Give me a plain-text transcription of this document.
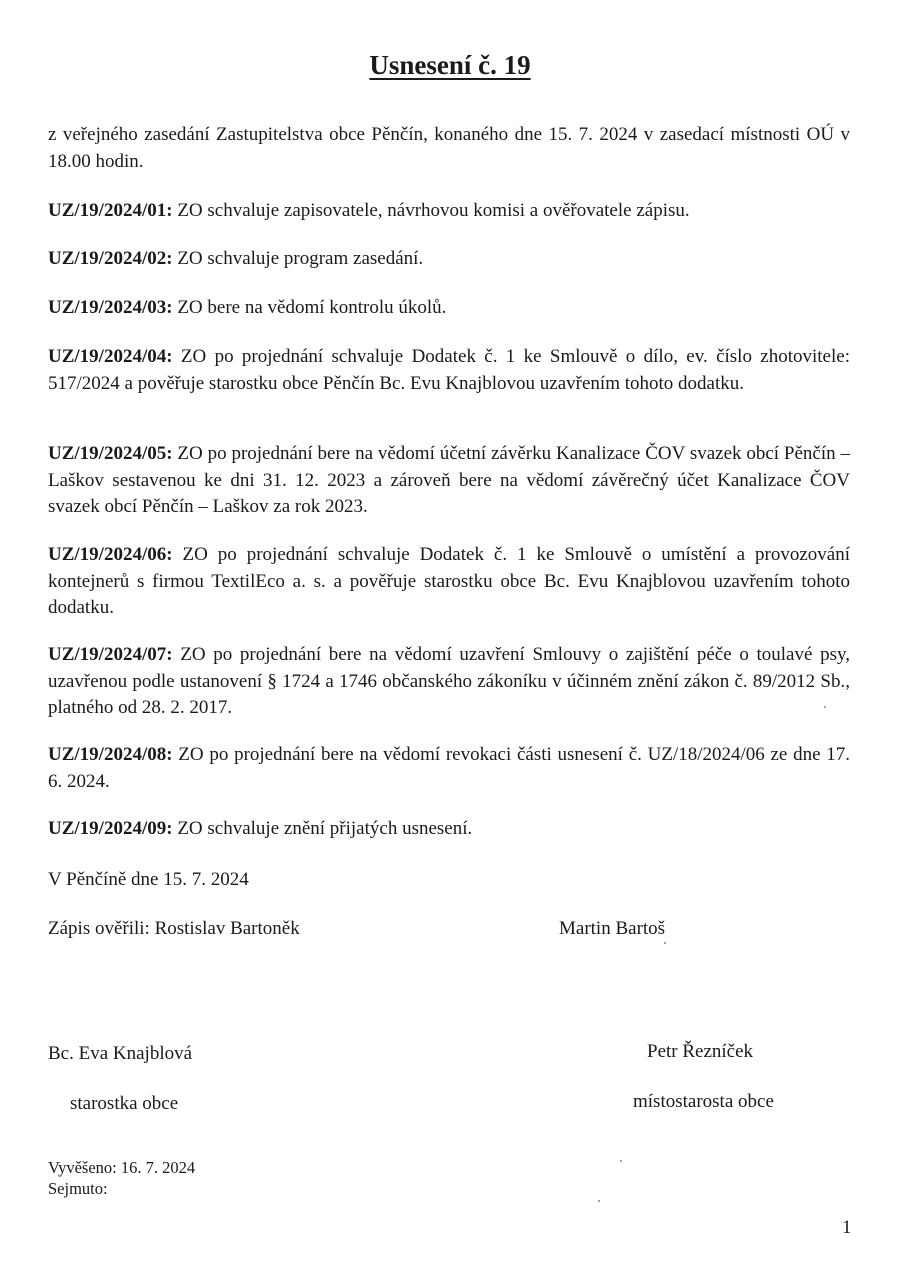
Usnesení č. 19
z veřejného zasedání Zastupitelstva obce Pěnčín, konaného dne 15. 7. 2024 v zasedací místnosti OÚ v 18.00 hodin.
UZ/19/2024/01: ZO schvaluje zapisovatele, návrhovou komisi a ověřovatele zápisu.
UZ/19/2024/02: ZO schvaluje program zasedání.
UZ/19/2024/03: ZO bere na vědomí kontrolu úkolů.
UZ/19/2024/04: ZO po projednání schvaluje Dodatek č. 1 ke Smlouvě o dílo, ev. číslo zhotovitele: 517/2024 a pověřuje starostku obce Pěnčín Bc. Evu Knajblovou uzavřením tohoto dodatku.
UZ/19/2024/05: ZO po projednání bere na vědomí účetní závěrku Kanalizace ČOV svazek obcí Pěnčín – Laškov sestavenou ke dni 31. 12. 2023 a zároveň bere na vědomí závěrečný účet Kanalizace ČOV svazek obcí Pěnčín – Laškov za rok 2023.
UZ/19/2024/06: ZO po projednání schvaluje Dodatek č. 1 ke Smlouvě o umístění a provozování kontejnerů s firmou TextilEco a. s. a pověřuje starostku obce Bc. Evu Knajblovou uzavřením tohoto dodatku.
UZ/19/2024/07: ZO po projednání bere na vědomí uzavření Smlouvy o zajištění péče o toulavé psy, uzavřenou podle ustanovení § 1724 a 1746 občanského zákoníku v účinném znění zákon č. 89/2012 Sb., platného od 28. 2. 2017.
UZ/19/2024/08: ZO po projednání bere na vědomí revokaci části usnesení č. UZ/18/2024/06 ze dne 17. 6. 2024.
UZ/19/2024/09: ZO schvaluje znění přijatých usnesení.
V Pěnčíně dne 15. 7. 2024
Zápis ověřili: Rostislav Bartoněk	Martin Bartoš
Bc. Eva Knajblová
starostka obce
Petr Řezníček
místostarosta obce
Vyvěšeno: 16. 7. 2024
Sejmuto:
1
